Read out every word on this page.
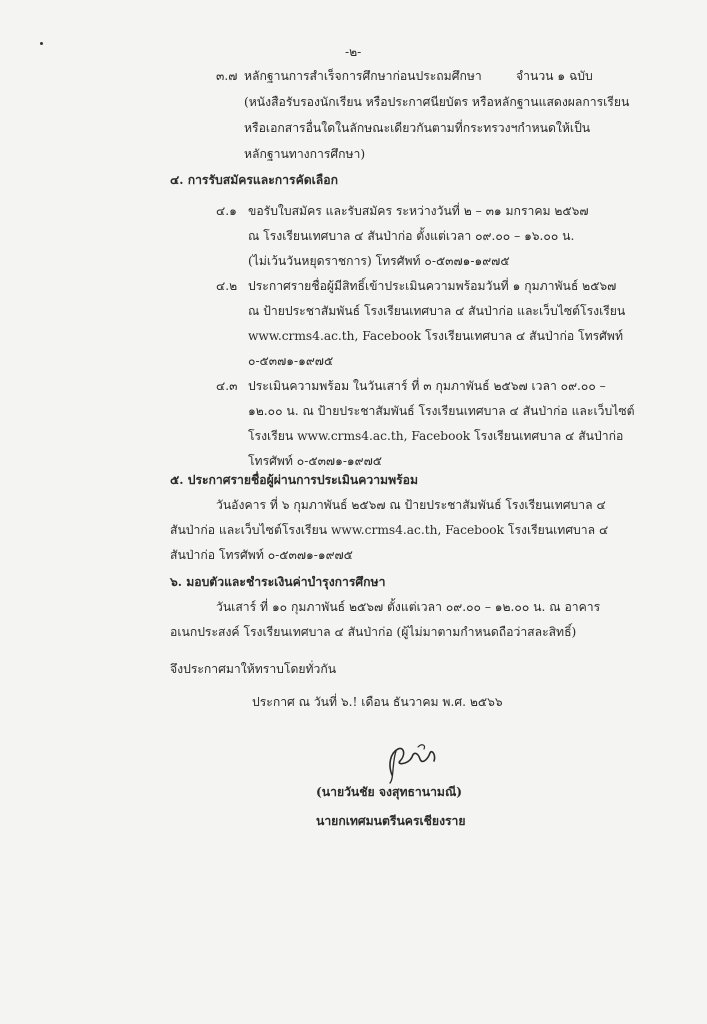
-๒-
๓.๗ หลักฐานการสำเร็จการศึกษาก่อนประถมศึกษา	จำนวน ๑ ฉบับ
(หนังสือรับรองนักเรียน หรือประกาศนียบัตร หรือหลักฐานแสดงผลการเรียน
หรือเอกสารอื่นใดในลักษณะเดียวกันตามที่กระทรวงฯกำหนดให้เป็น
หลักฐานทางการศึกษา)
๔. การรับสมัครและการคัดเลือก
๔.๑ ขอรับใบสมัคร และรับสมัคร ระหว่างวันที่ ๒ – ๓๑ มกราคม ๒๕๖๗
ณ โรงเรียนเทศบาล ๔ สันป่าก่อ ตั้งแต่เวลา ๐๙.๐๐ – ๑๖.๐๐ น.
(ไม่เว้นวันหยุดราชการ) โทรศัพท์ ๐-๕๓๗๑-๑๙๗๕
๔.๒ ประกาศรายชื่อผู้มีสิทธิ์เข้าประเมินความพร้อมวันที่ ๑ กุมภาพันธ์ ๒๕๖๗
ณ ป้ายประชาสัมพันธ์ โรงเรียนเทศบาล ๔ สันป่าก่อ และเว็บไซต์โรงเรียน
www.crms4.ac.th, Facebook โรงเรียนเทศบาล ๔ สันป่าก่อ โทรศัพท์
๐-๕๓๗๑-๑๙๗๕
๔.๓ ประเมินความพร้อม ในวันเสาร์ ที่ ๓ กุมภาพันธ์ ๒๕๖๗ เวลา ๐๙.๐๐ –
๑๒.๐๐ น. ณ ป้ายประชาสัมพันธ์ โรงเรียนเทศบาล ๔ สันป่าก่อ และเว็บไซต์
โรงเรียน www.crms4.ac.th, Facebook โรงเรียนเทศบาล ๔ สันป่าก่อ
โทรศัพท์ ๐-๕๓๗๑-๑๙๗๕
๕. ประกาศรายชื่อผู้ผ่านการประเมินความพร้อม
วันอังคาร ที่ ๖ กุมภาพันธ์ ๒๕๖๗ ณ ป้ายประชาสัมพันธ์ โรงเรียนเทศบาล ๔
สันป่าก่อ และเว็บไซต์โรงเรียน www.crms4.ac.th, Facebook โรงเรียนเทศบาล ๔
สันป่าก่อ โทรศัพท์ ๐-๕๓๗๑-๑๙๗๕
๖. มอบตัวและชำระเงินค่าบำรุงการศึกษา
วันเสาร์ ที่ ๑๐ กุมภาพันธ์ ๒๕๖๗ ตั้งแต่เวลา ๐๙.๐๐ – ๑๒.๐๐ น. ณ อาคาร
อเนกประสงค์ โรงเรียนเทศบาล ๔ สันป่าก่อ (ผู้ไม่มาตามกำหนดถือว่าสละสิทธิ์)
จึงประกาศมาให้ทราบโดยทั่วกัน
ประกาศ ณ วันที่ ๖.! เดือน ธันวาคม พ.ศ. ๒๕๖๖
(นายวันชัย จงสุทธานามณี)
นายกเทศมนตรีนครเชียงราย
